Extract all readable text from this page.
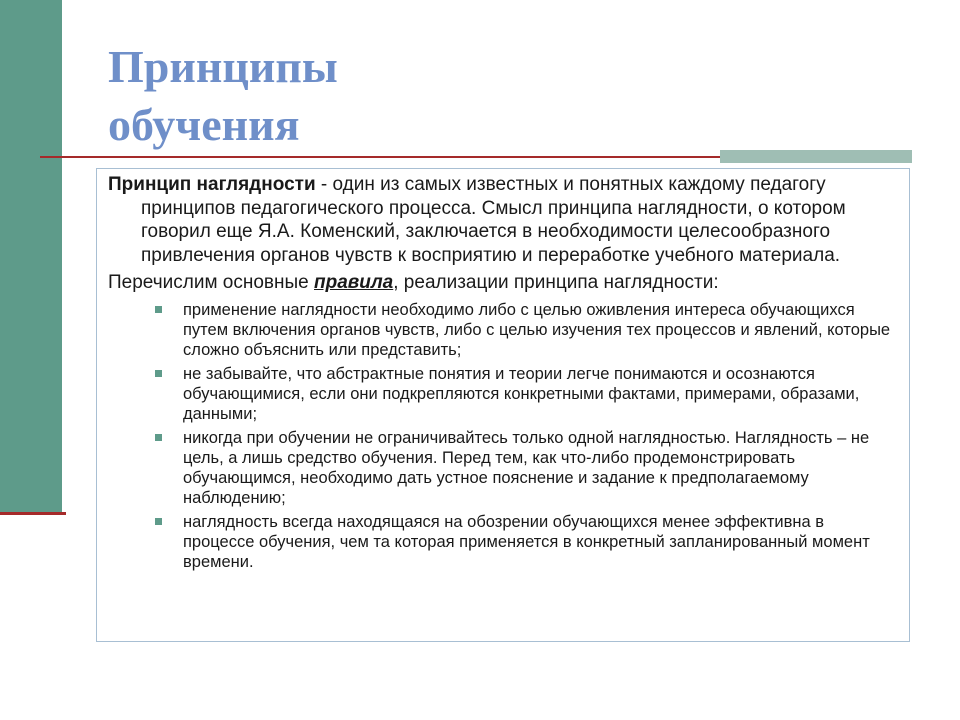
Принципы
обучения

Принцип наглядности - один из самых известных и понятных каждому педагогу принципов педагогического процесса. Смысл принципа наглядности, о котором говорил еще Я.А. Коменский, заключается в необходимости целесообразного привлечения органов чувств к восприятию и переработке учебного материала.

Перечислим основные правила, реализации принципа наглядности:

применение наглядности необходимо либо с целью оживления интереса обучающихся путем включения органов чувств, либо с целью изучения тех процессов и явлений, которые сложно объяснить или представить;
не забывайте, что абстрактные понятия и теории легче понимаются и осознаются обучающимися, если они подкрепляются конкретными фактами, примерами, образами, данными;
никогда при обучении не ограничивайтесь только одной наглядностью. Наглядность – не цель, а лишь средство обучения. Перед тем, как что-либо продемонстрировать обучающимся, необходимо дать устное пояснение и задание к предполагаемому наблюдению;
наглядность всегда находящаяся на обозрении обучающихся менее эффективна в процессе обучения, чем та которая применяется в конкретный запланированный момент времени.
